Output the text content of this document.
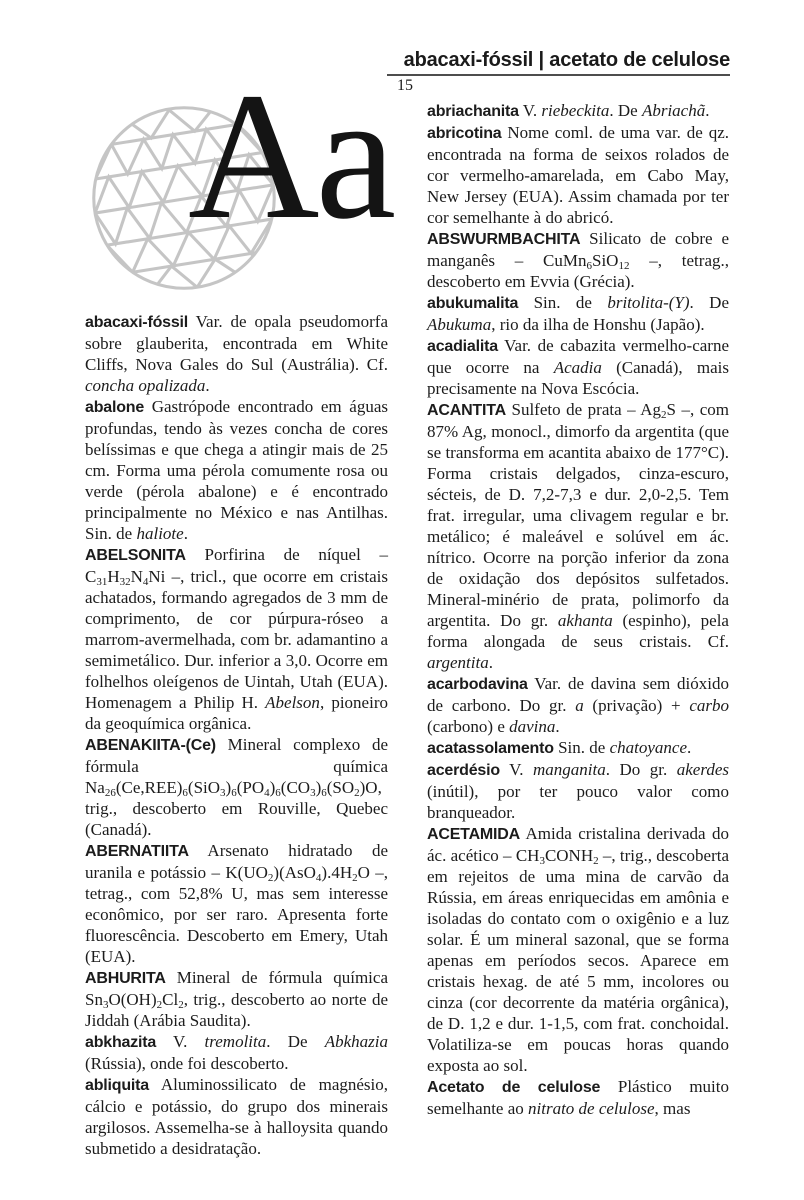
abacaxi-fóssil | acetato de celulose
15
Aa

abacaxi-fóssil Var. de opala pseudomorfa sobre glauberita, encontrada em White Cliffs, Nova Gales do Sul (Austrália). Cf. concha opalizada.

abalone Gastrópode encontrado em águas profundas, tendo às vezes concha de cores belíssimas e que chega a atingir mais de 25 cm. Forma uma pérola comumente rosa ou verde (pérola abalone) e é encontrado principalmente no México e nas Antilhas. Sin. de haliote.

ABELSONITA Porfirina de níquel – C31H32N4Ni –, tricl., que ocorre em cristais achatados, formando agregados de 3 mm de comprimento, de cor púrpura-róseo a marrom-avermelhada, com br. adamantino a semimetálico. Dur. inferior a 3,0. Ocorre em folhelhos oleígenos de Uintah, Utah (EUA). Homenagem a Philip H. Abelson, pioneiro da geoquímica orgânica.

ABENAKIITA-(Ce) Mineral complexo de fórmula química Na26(Ce,REE)6(SiO3)6(PO4)6(CO3)6(SO2)O, trig., descoberto em Rouville, Quebec (Canadá).

ABERNATIITA Arsenato hidratado de uranila e potássio – K(UO2)(AsO4).4H2O –, tetrag., com 52,8% U, mas sem interesse econômico, por ser raro. Apresenta forte fluorescência. Descoberto em Emery, Utah (EUA).

ABHURITA Mineral de fórmula química Sn3O(OH)2Cl2, trig., descoberto ao norte de Jiddah (Arábia Saudita).

abkhazita V. tremolita. De Abkhazia (Rússia), onde foi descoberto.

abliquita Aluminossilicato de magnésio, cálcio e potássio, do grupo dos minerais argilosos. Assemelha-se à halloysita quando submetido a desidratação.

abriachanita V. riebeckita. De Abriachã.

abricotina Nome coml. de uma var. de qz. encontrada na forma de seixos rolados de cor vermelho-amarelada, em Cabo May, New Jersey (EUA). Assim chamada por ter cor semelhante à do abricó.

ABSWURMBACHITA Silicato de cobre e manganês – CuMn6SiO12 –, tetrag., descoberto em Evvia (Grécia).

abukumalita Sin. de britolita-(Y). De Abukuma, rio da ilha de Honshu (Japão).

acadialita Var. de cabazita vermelho-carne que ocorre na Acadia (Canadá), mais precisamente na Nova Escócia.

ACANTITA Sulfeto de prata – Ag2S –, com 87% Ag, monocl., dimorfo da argentita (que se transforma em acantita abaixo de 177°C). Forma cristais delgados, cinza-escuro, sécteis, de D. 7,2-7,3 e dur. 2,0-2,5. Tem frat. irregular, uma clivagem regular e br. metálico; é maleável e solúvel em ác. nítrico. Ocorre na porção inferior da zona de oxidação dos depósitos sulfetados. Mineral-minério de prata, polimorfo da argentita. Do gr. akhanta (espinho), pela forma alongada de seus cristais. Cf. argentita.

acarbodavina Var. de davina sem dióxido de carbono. Do gr. a (privação) + carbo (carbono) e davina.

acatassolamento Sin. de chatoyance.

acerdésio V. manganita. Do gr. akerdes (inútil), por ter pouco valor como branqueador.

ACETAMIDA Amida cristalina derivada do ác. acético – CH3CONH2 –, trig., descoberta em rejeitos de uma mina de carvão da Rússia, em áreas enriquecidas em amônia e isoladas do contato com o oxigênio e a luz solar. É um mineral sazonal, que se forma apenas em períodos secos. Aparece em cristais hexag. de até 5 mm, incolores ou cinza (cor decorrente da matéria orgânica), de D. 1,2 e dur. 1-1,5, com frat. conchoidal. Volatiliza-se em poucas horas quando exposta ao sol.

Acetato de celulose Plástico muito semelhante ao nitrato de celulose, mas
